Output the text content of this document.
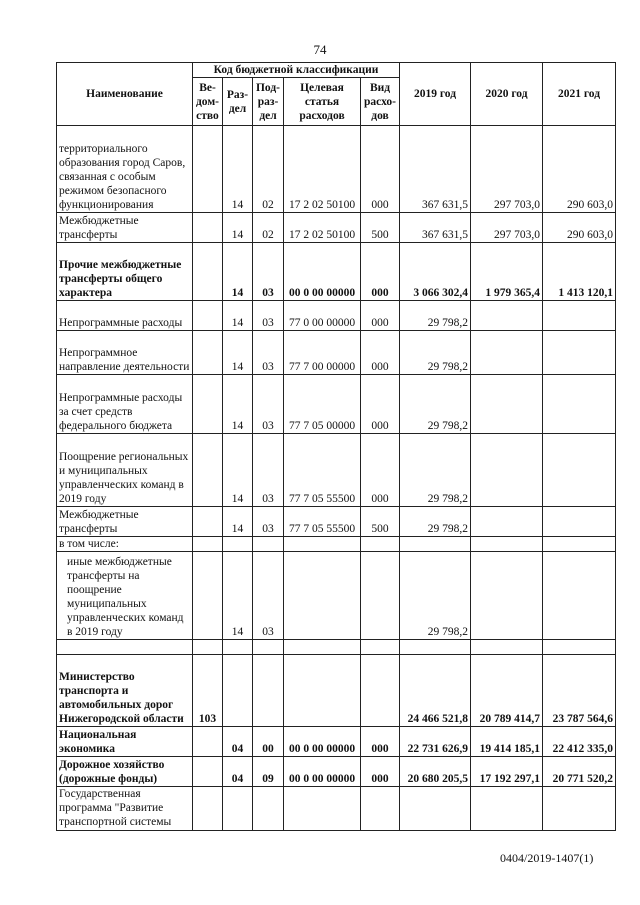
74
Наименование	Код бюджетной классификации					2019 год	2020 год	2021 год
	Ве-дом-ство	Раз-дел	Под-раз-дел	Целевая статья расходов	Вид расхо-дов			
территориального образования город Саров, связанная с особым режимом безопасного функционирования		14	02	17 2 02 50100	000	367 631,5	297 703,0	290 603,0
Межбюджетные трансферты		14	02	17 2 02 50100	500	367 631,5	297 703,0	290 603,0
Прочие межбюджетные трансферты общего характера		14	03	00 0 00 00000	000	3 066 302,4	1 979 365,4	1 413 120,1
Непрограммные расходы		14	03	77 0 00 00000	000	29 798,2		
Непрограммное направление деятельности		14	03	77 7 00 00000	000	29 798,2		
Непрограммные расходы за счет средств федерального бюджета		14	03	77 7 05 00000	000	29 798,2		
Поощрение региональных и муниципальных управленческих команд в 2019 году		14	03	77 7 05 55500	000	29 798,2		
Межбюджетные трансферты		14	03	77 7 05 55500	500	29 798,2		
в том числе:								
иные межбюджетные трансферты на поощрение муниципальных управленческих команд в 2019 году		14	03			29 798,2		

Министерство транспорта и автомобильных дорог Нижегородской области	103					24 466 521,8	20 789 414,7	23 787 564,6
Национальная экономика		04	00	00 0 00 00000	000	22 731 626,9	19 414 185,1	22 412 335,0
Дорожное хозяйство (дорожные фонды)		04	09	00 0 00 00000	000	20 680 205,5	17 192 297,1	20 771 520,2
Государственная программа "Развитие транспортной системы								
0404/2019-1407(1)
